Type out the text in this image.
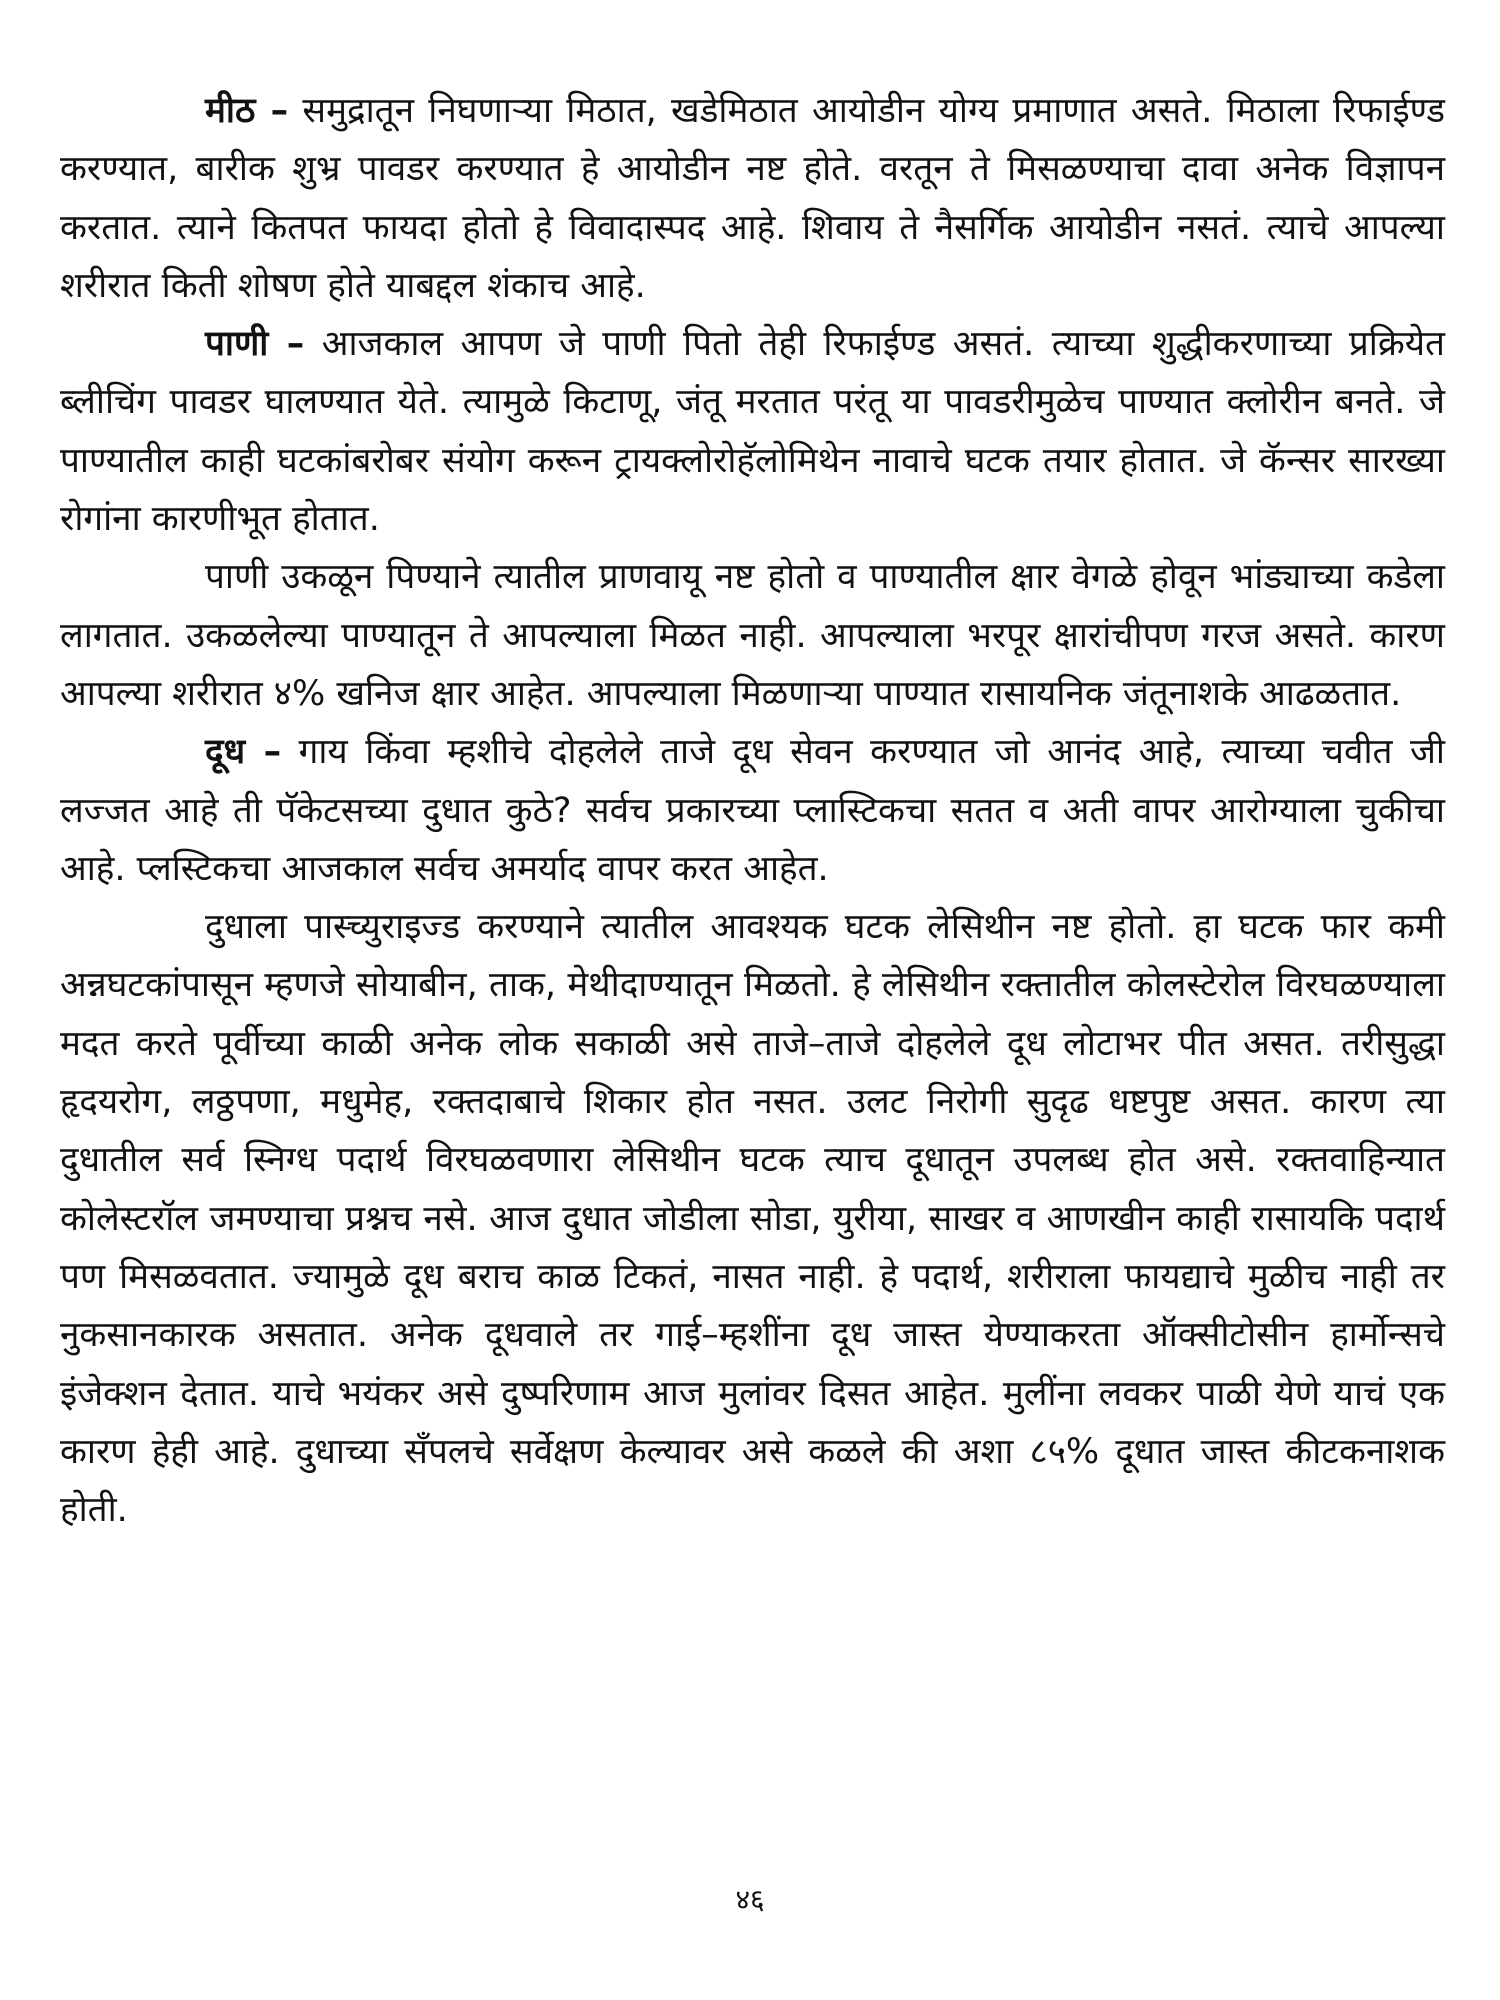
मीठ – समुद्रातून निघणाऱ्या मिठात, खडेमिठात आयोडीन योग्य प्रमाणात असते. मिठाला रिफाईण्ड करण्यात, बारीक शुभ्र पावडर करण्यात हे आयोडीन नष्ट होते. वरतून ते मिसळण्याचा दावा अनेक विज्ञापन करतात. त्याने कितपत फायदा होतो हे विवादास्पद आहे. शिवाय ते नैसर्गिक आयोडीन नसतं. त्याचे आपल्या शरीरात किती शोषण होते याबद्दल शंकाच आहे.

पाणी – आजकाल आपण जे पाणी पितो तेही रिफाईण्ड असतं. त्याच्या शुद्धीकरणाच्या प्रक्रियेत ब्लीचिंग पावडर घालण्यात येते. त्यामुळे किटाणू, जंतू मरतात परंतू या पावडरीमुळेच पाण्यात क्लोरीन बनते. जे पाण्यातील काही घटकांबरोबर संयोग करून ट्रायक्लोरोहॅलोमिथेन नावाचे घटक तयार होतात. जे कॅन्सर सारख्या रोगांना कारणीभूत होतात.

पाणी उकळून पिण्याने त्यातील प्राणवायू नष्ट होतो व पाण्यातील क्षार वेगळे होवून भांड्याच्या कडेला लागतात. उकळलेल्या पाण्यातून ते आपल्याला मिळत नाही. आपल्याला भरपूर क्षारांचीपण गरज असते. कारण आपल्या शरीरात ४% खनिज क्षार आहेत. आपल्याला मिळणाऱ्या पाण्यात रासायनिक जंतूनाशके आढळतात.

दूध – गाय किंवा म्हशीचे दोहलेले ताजे दूध सेवन करण्यात जो आनंद आहे, त्याच्या चवीत जी लज्जत आहे ती पॅकेटसच्या दुधात कुठे? सर्वच प्रकारच्या प्लास्टिकचा सतत व अती वापर आरोग्याला चुकीचा आहे. प्लस्टिकचा आजकाल सर्वच अमर्याद वापर करत आहेत.

दुधाला पास्च्युराइज्ड करण्याने त्यातील आवश्यक घटक लेसिथीन नष्ट होतो. हा घटक फार कमी अन्नघटकांपासून म्हणजे सोयाबीन, ताक, मेथीदाण्यातून मिळतो. हे लेसिथीन रक्तातील कोलस्टेरोल विरघळण्याला मदत करते पूर्वीच्या काळी अनेक लोक सकाळी असे ताजे–ताजे दोहलेले दूध लोटाभर पीत असत. तरीसुद्धा हृदयरोग, लठ्ठपणा, मधुमेह, रक्तदाबाचे शिकार होत नसत. उलट निरोगी सुदृढ धष्टपुष्ट असत. कारण त्या दुधातील सर्व स्निग्ध पदार्थ विरघळवणारा लेसिथीन घटक त्याच दूधातून उपलब्ध होत असे. रक्तवाहिन्यात कोलेस्टरॉल जमण्याचा प्रश्नच नसे. आज दुधात जोडीला सोडा, युरीया, साखर व आणखीन काही रासायकि पदार्थ पण मिसळवतात. ज्यामुळे दूध बराच काळ टिकतं, नासत नाही. हे पदार्थ, शरीराला फायद्याचे मुळीच नाही तर नुकसानकारक असतात. अनेक दूधवाले तर गाई–म्हशींना दूध जास्त येण्याकरता ऑक्सीटोसीन हार्मोन्सचे इंजेक्शन देतात. याचे भयंकर असे दुष्परिणाम आज मुलांवर दिसत आहेत. मुलींना लवकर पाळी येणे याचं एक कारण हेही आहे. दुधाच्या सॅंपलचे सर्वेक्षण केल्यावर असे कळले की अशा ८५% दूधात जास्त कीटकनाशक होती.

४६
